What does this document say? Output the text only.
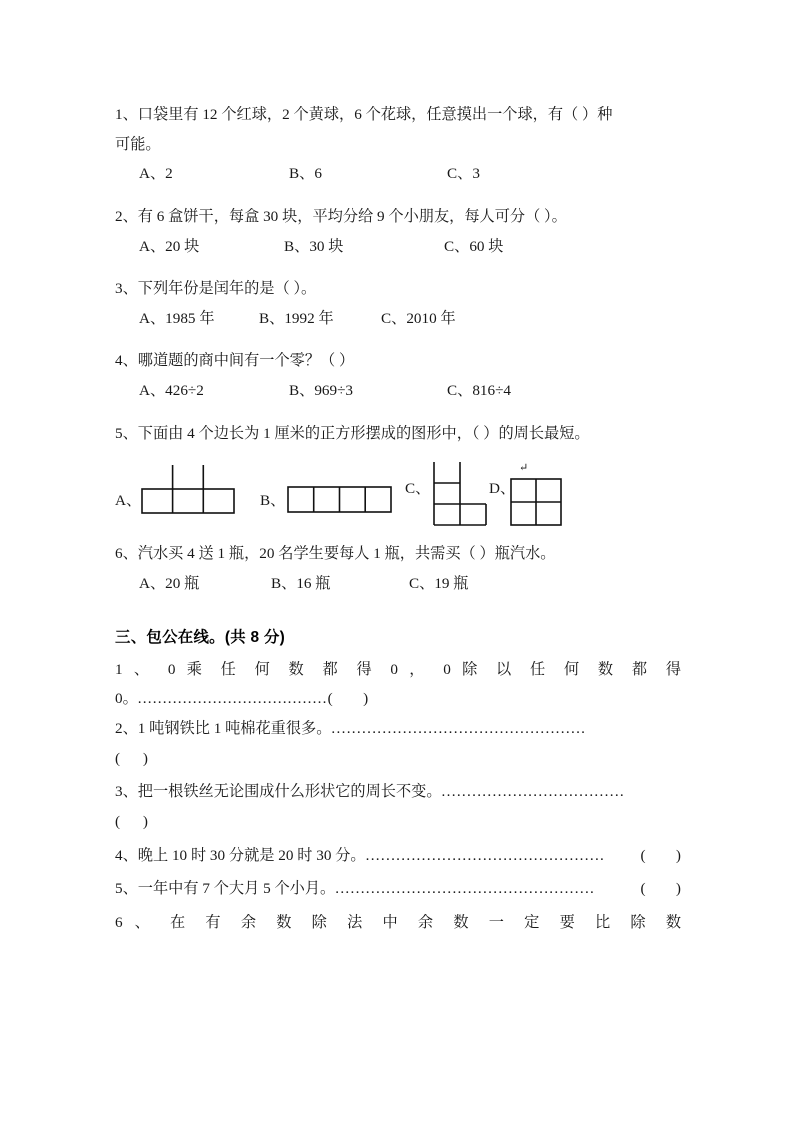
1、口袋里有 12 个红球，2 个黄球，6 个花球，任意摸出一个球，有（ ）种
可能。
A、2	B、6	C、3
2、有 6 盒饼干，每盒 30 块，平均分给 9 个小朋友，每人可分（ ）。
A、20 块	B、30 块	C、60 块
3、下列年份是闰年的是（ ）。
A、1985 年	B、1992 年	C、2010 年
4、哪道题的商中间有一个零？（ ）
A、426÷2	B、969÷3	C、816÷4
5、下面由 4 个边长为 1 厘米的正方形摆成的图形中，（ ）的周长最短。
A、	B、
C、	D、
↵
6、汽水买 4 送 1 瓶，20 名学生要每人 1 瓶，共需买（ ）瓶汽水。
A、20 瓶	B、16 瓶	C、19 瓶
三、包公在线。(共 8 分)
1 、 0 乘 任 何 数 都 得 0 ， 0 除 以 任 何 数 都 得
0。 ...................................... (        )
2、1 吨钢铁比 1 吨棉花重很多。 ..................................................
(      )
3、把一根铁丝无论围成什么形状它的周长不变。 ....................................
(      )
4、晚上 10 时 30 分就是 20 时 30 分。 ...............................................	(        )
5、一年中有 7 个大月 5 个小月。 ...................................................	(        )
6 、 在 有 余 数 除 法 中 余 数 一 定 要 比 除 数
